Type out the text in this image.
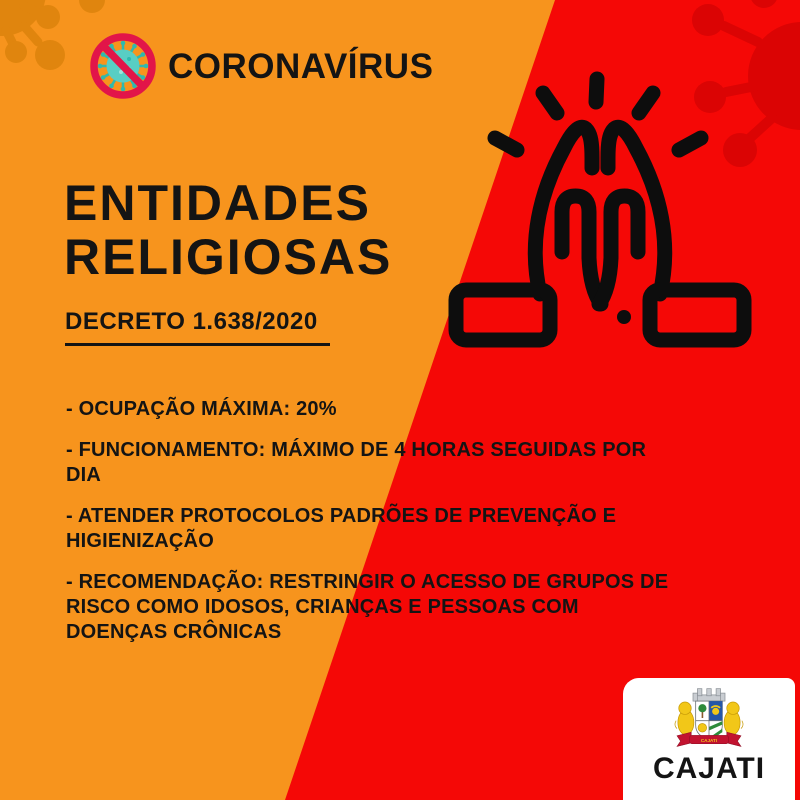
CORONAVÍRUS
ENTIDADES
RELIGIOSAS
DECRETO 1.638/2020
- OCUPAÇÃO MÁXIMA: 20%
- FUNCIONAMENTO: MÁXIMO DE 4 HORAS SEGUIDAS POR
DIA
- ATENDER PROTOCOLOS PADRÕES DE PREVENÇÃO E
HIGIENIZAÇÃO
- RECOMENDAÇÃO: RESTRINGIR O ACESSO DE GRUPOS DE
RISCO COMO IDOSOS, CRIANÇAS E PESSOAS COM
DOENÇAS CRÔNICAS
CAJATI
CAJATI
